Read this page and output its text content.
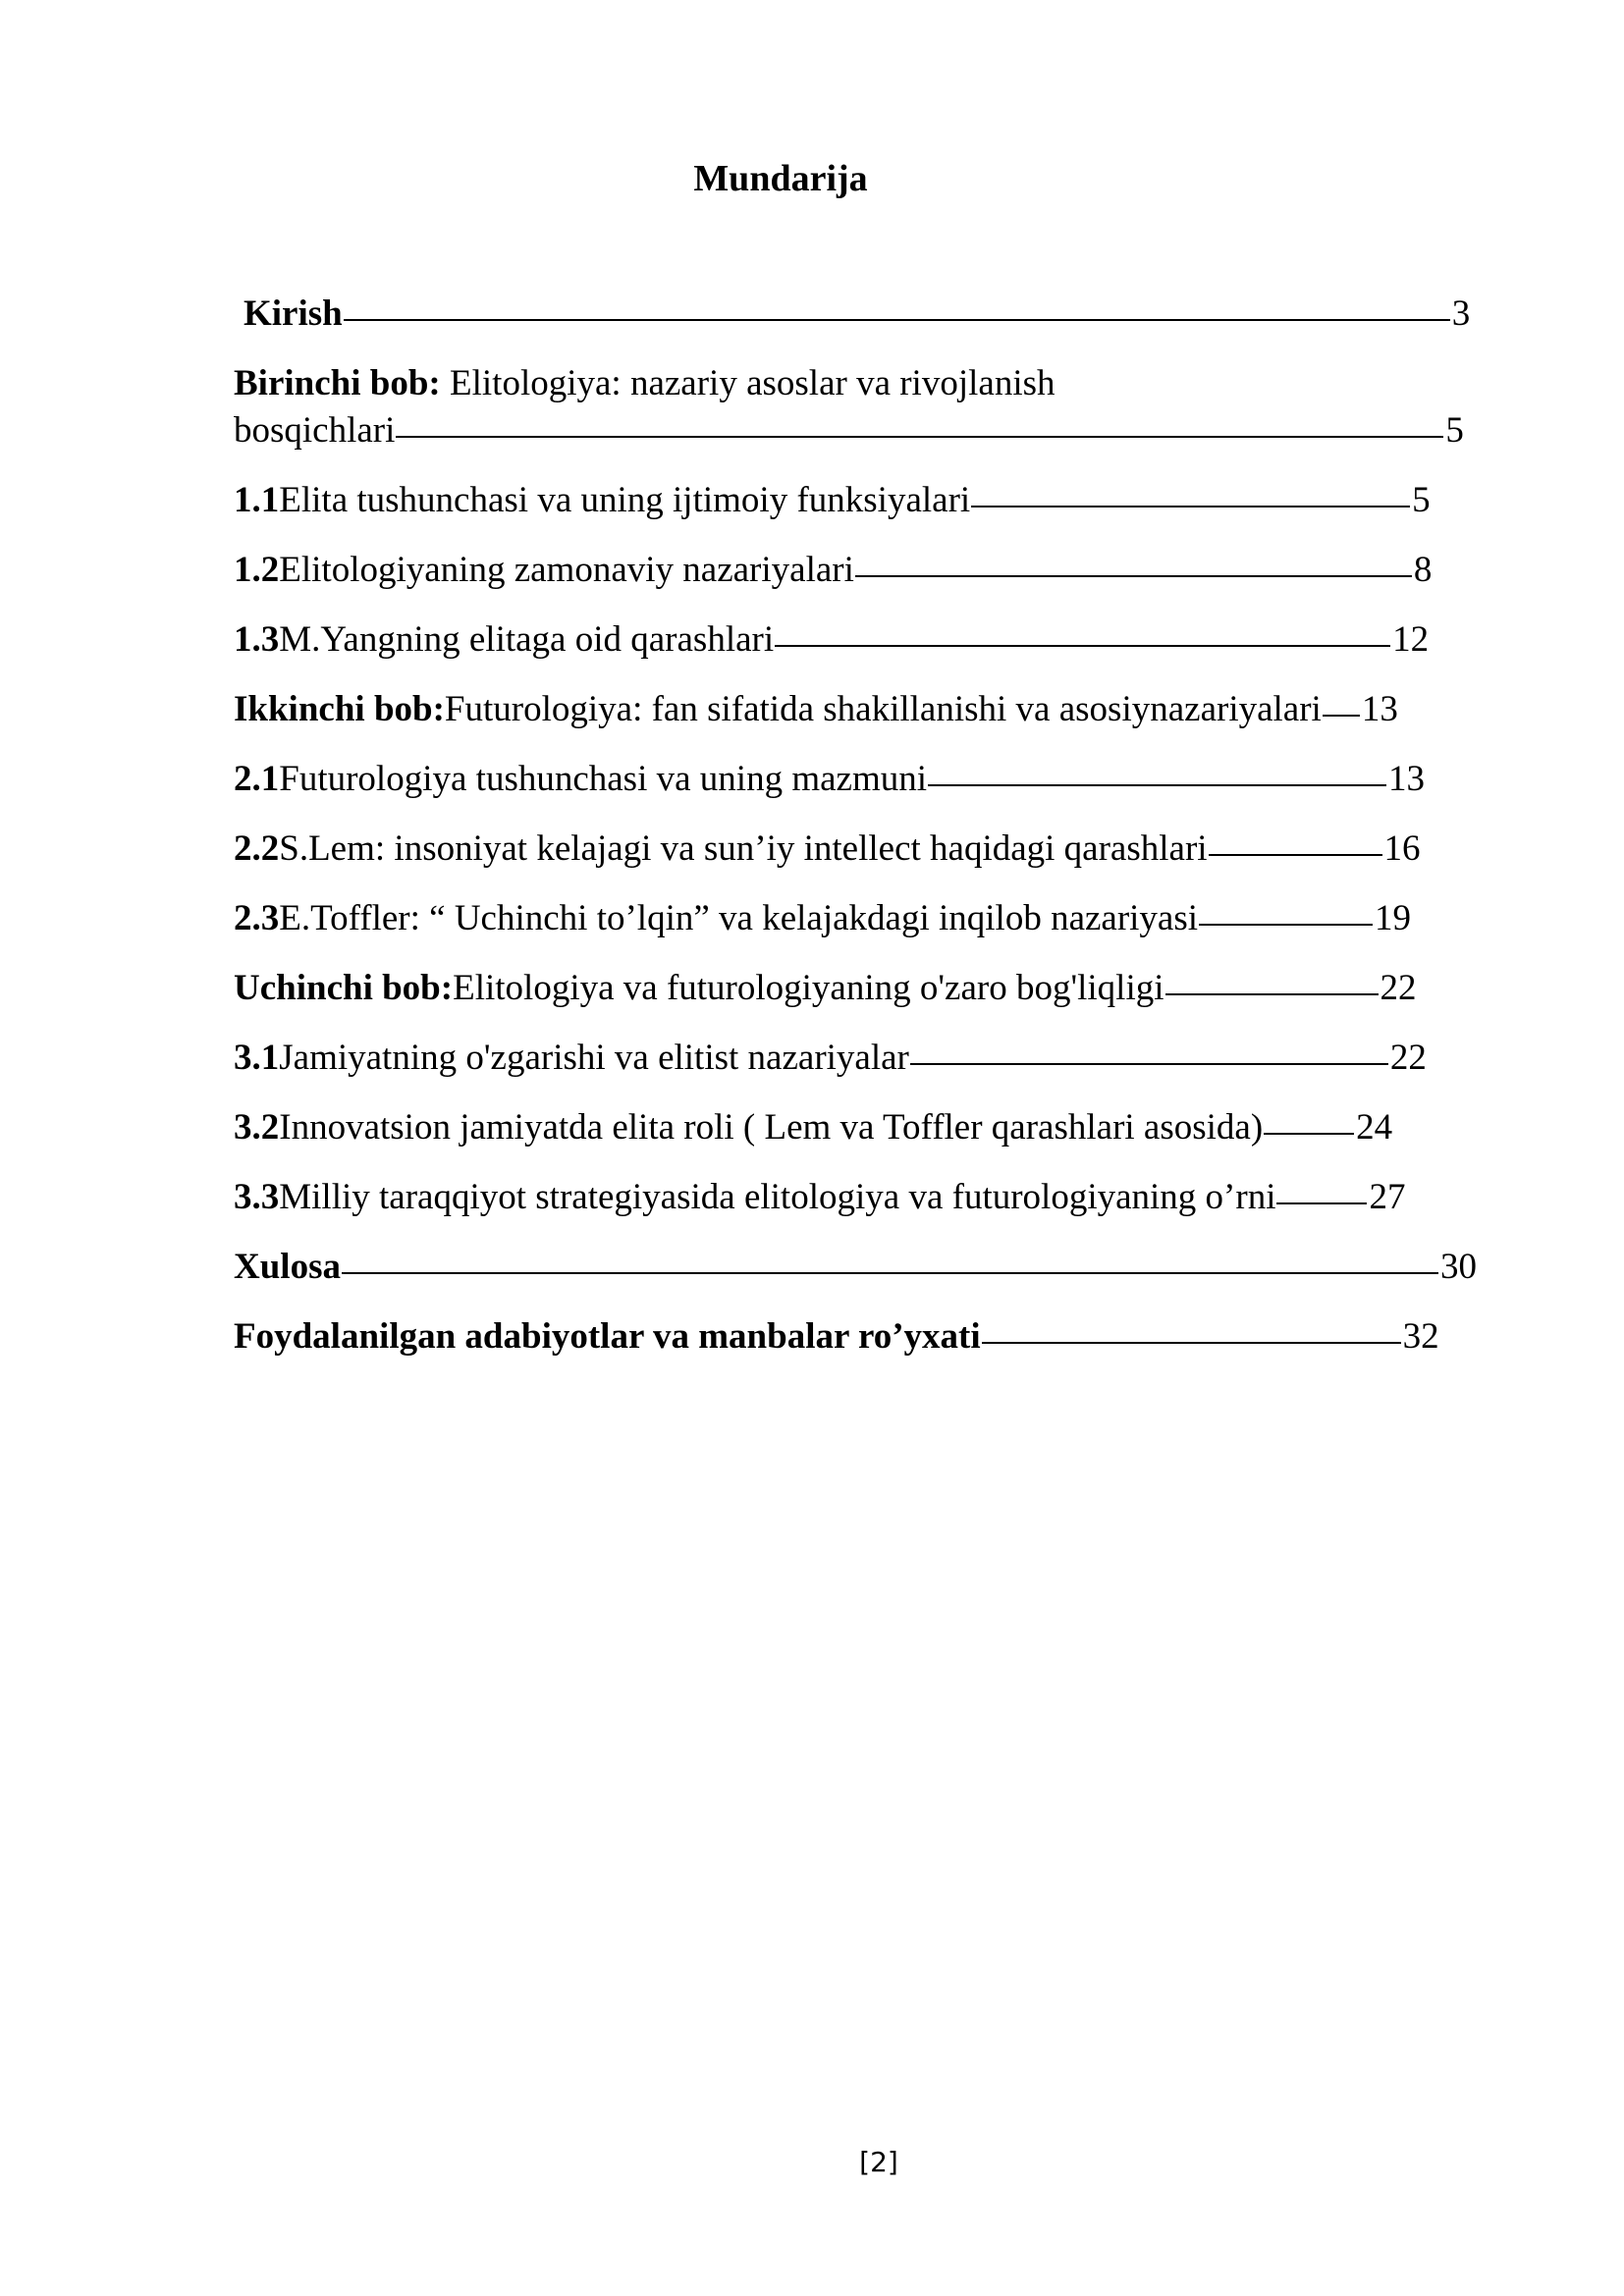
Mundarija
Kirish	3
Birinchi bob: Elitologiya: nazariy asoslar va rivojlanish
bosqichlari	5
1.1 Elita tushunchasi va uning ijtimoiy funksiyalari	5
1.2 Elitologiyaning zamonaviy nazariyalari	8
1.3 M.Yangning elitaga oid qarashlari	12
Ikkinchi bob: Futurologiya: fan sifatida shakillanishi va asosiynazariyalari 13
2.1 Futurologiya tushunchasi va uning mazmuni	13
2.2 S.Lem: insoniyat kelajagi va sun’iy intellect haqidagi qarashlari	16
2.3 E.Toffler: “ Uchinchi to’lqin” va kelajakdagi inqilob nazariyasi	19
Uchinchi bob: Elitologiya va futurologiyaning o'zaro bog'liqligi	22
3.1 Jamiyatning o'zgarishi va elitist nazariyalar	22
3.2 Innovatsion jamiyatda elita roli ( Lem va Toffler qarashlari asosida)	24
3.3 Milliy taraqqiyot strategiyasida elitologiya va futurologiyaning o’rni	27
Xulosa	30
Foydalanilgan adabiyotlar va manbalar ro’yxati	32
[2]
